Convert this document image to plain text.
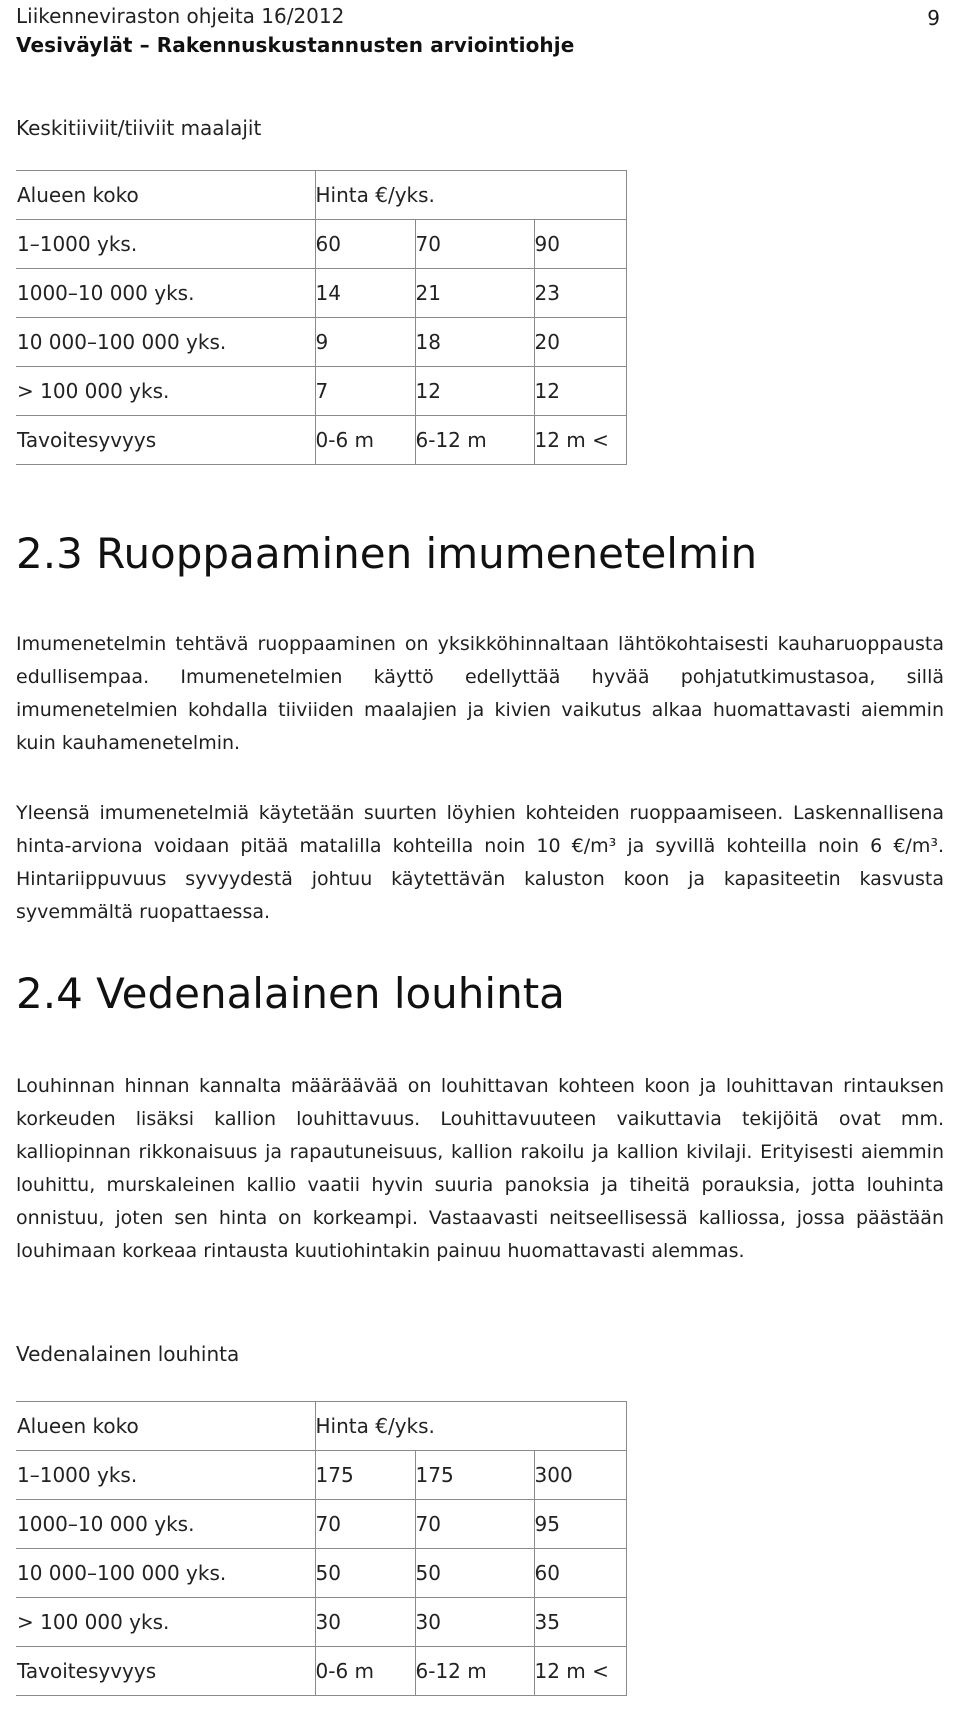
Liikenneviraston ohjeita 16/2012
Vesiväylät – Rakennuskustannusten arviointiohje
9
Keskitiiviit/tiiviit maalajit
Alueen koko	Hinta €/yks.		
1–1000 yks.	60	70	90
1000–10 000 yks.	14	21	23
10 000–100 000 yks.	9	18	20
> 100 000 yks.	7	12	12
Tavoitesyvyys	0-6 m	6-12 m	12 m <
2.3 Ruoppaaminen imumenetelmin

Imumenetelmin tehtävä ruoppaaminen on yksikköhinnaltaan lähtökohtaisesti kauharuoppausta edullisempaa. Imumenetelmien käyttö edellyttää hyvää pohjatutkimustasoa, sillä imumenetelmien kohdalla tiiviiden maalajien ja kivien vaikutus alkaa huomattavasti aiemmin kuin kauhamenetelmin.

Yleensä imumenetelmiä käytetään suurten löyhien kohteiden ruoppaamiseen. Laskennallisena hinta-arviona voidaan pitää matalilla kohteilla noin 10 €/m³ ja syvillä kohteilla noin 6 €/m³. Hintariippuvuus syvyydestä johtuu käytettävän kaluston koon ja kapasiteetin kasvusta syvemmältä ruopattaessa.

2.4 Vedenalainen louhinta

Louhinnan hinnan kannalta määräävää on louhittavan kohteen koon ja louhittavan rintauksen korkeuden lisäksi kallion louhittavuus. Louhittavuuteen vaikuttavia tekijöitä ovat mm. kalliopinnan rikkonaisuus ja rapautuneisuus, kallion rakoilu ja kallion kivilaji. Erityisesti aiemmin louhittu, murskaleinen kallio vaatii hyvin suuria panoksia ja tiheitä porauksia, jotta louhinta onnistuu, joten sen hinta on korkeampi. Vastaavasti neitseellisessä kalliossa, jossa päästään louhimaan korkeaa rintausta kuutiohintakin painuu huomattavasti alemmas.

Vedenalainen louhinta
Alueen koko	Hinta €/yks.		
1–1000 yks.	175	175	300
1000–10 000 yks.	70	70	95
10 000–100 000 yks.	50	50	60
> 100 000 yks.	30	30	35
Tavoitesyvyys	0-6 m	6-12 m	12 m <
